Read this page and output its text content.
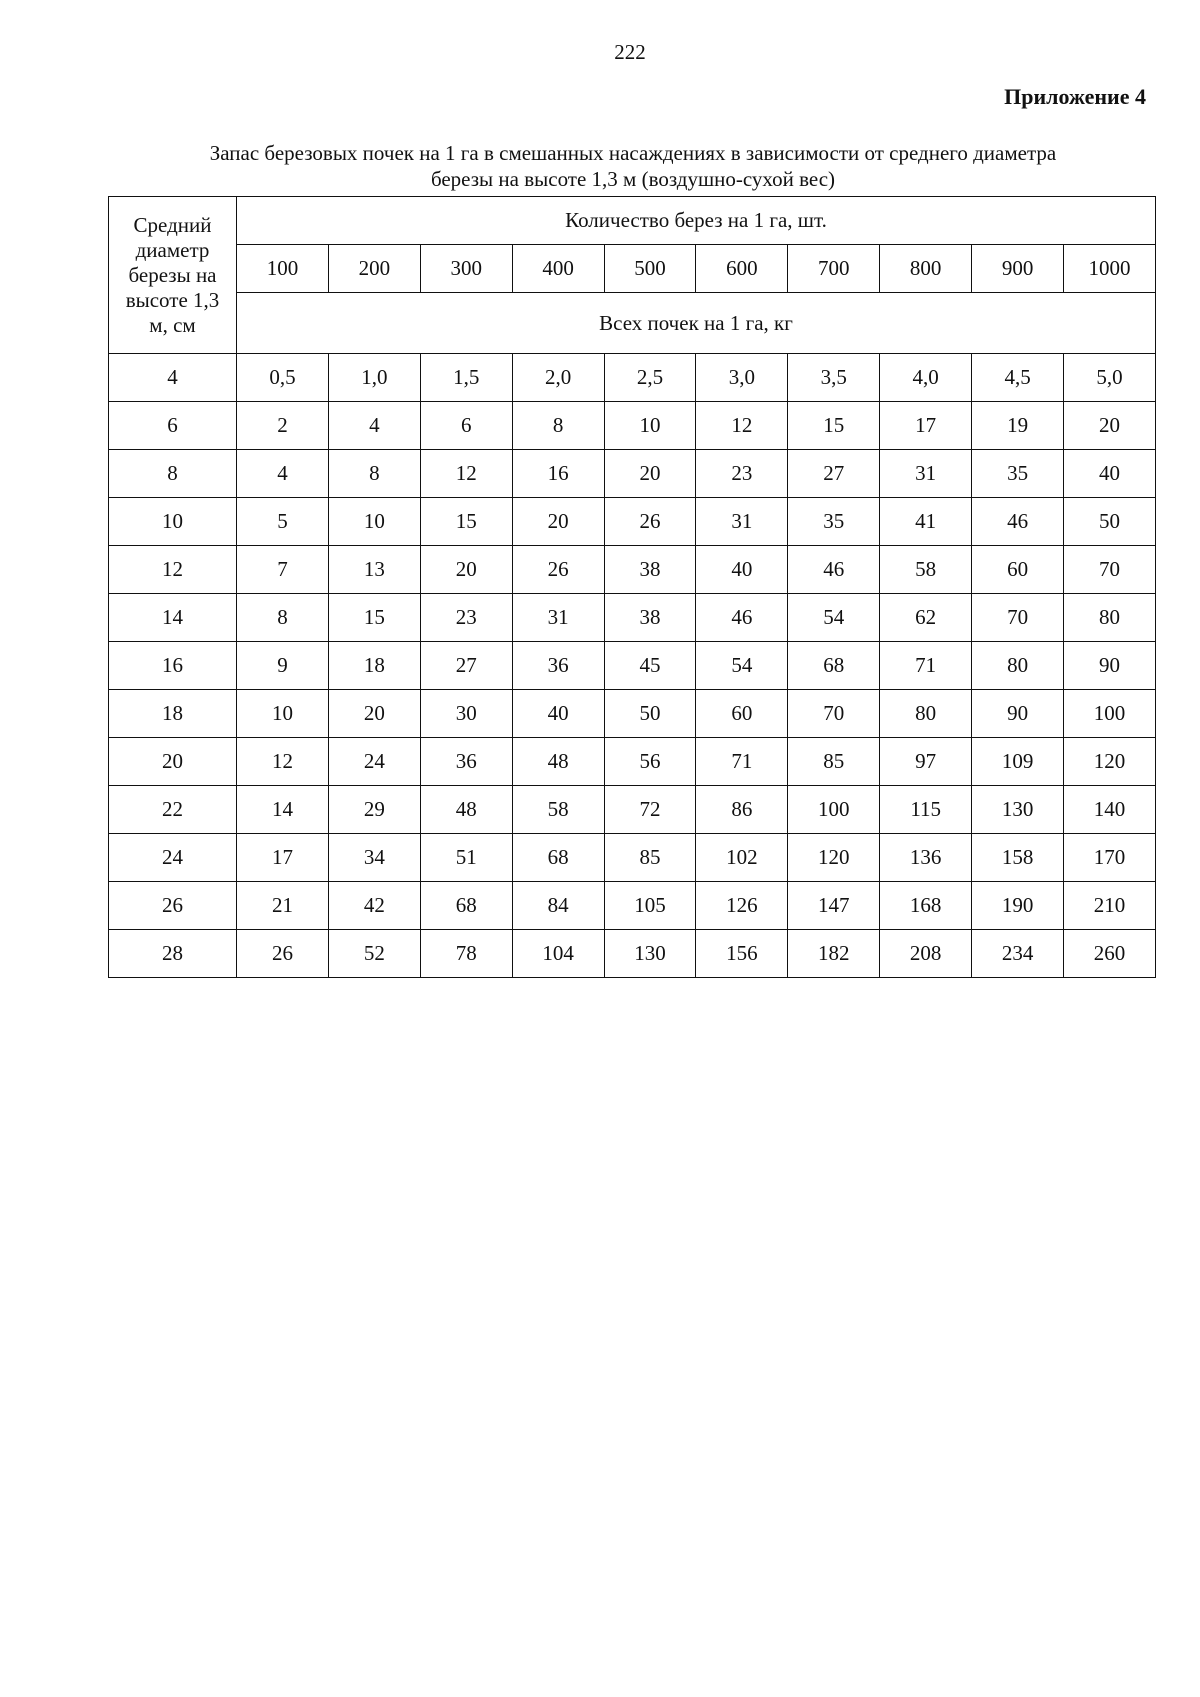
222
Приложение 4
Запас березовых почек на 1 га в смешанных насаждениях в зависимости от среднего диаметра
березы на высоте 1,3 м (воздушно-сухой вес)
Средний
диаметр
березы на
высоте 1,3
м, см	Количество берез на 1 га, шт.									
	100	200	300	400	500	600	700	800	900	1000
	Всех почек на 1 га, кг									
4	0,5	1,0	1,5	2,0	2,5	3,0	3,5	4,0	4,5	5,0
6	2	4	6	8	10	12	15	17	19	20
8	4	8	12	16	20	23	27	31	35	40
10	5	10	15	20	26	31	35	41	46	50
12	7	13	20	26	38	40	46	58	60	70
14	8	15	23	31	38	46	54	62	70	80
16	9	18	27	36	45	54	68	71	80	90
18	10	20	30	40	50	60	70	80	90	100
20	12	24	36	48	56	71	85	97	109	120
22	14	29	48	58	72	86	100	115	130	140
24	17	34	51	68	85	102	120	136	158	170
26	21	42	68	84	105	126	147	168	190	210
28	26	52	78	104	130	156	182	208	234	260
